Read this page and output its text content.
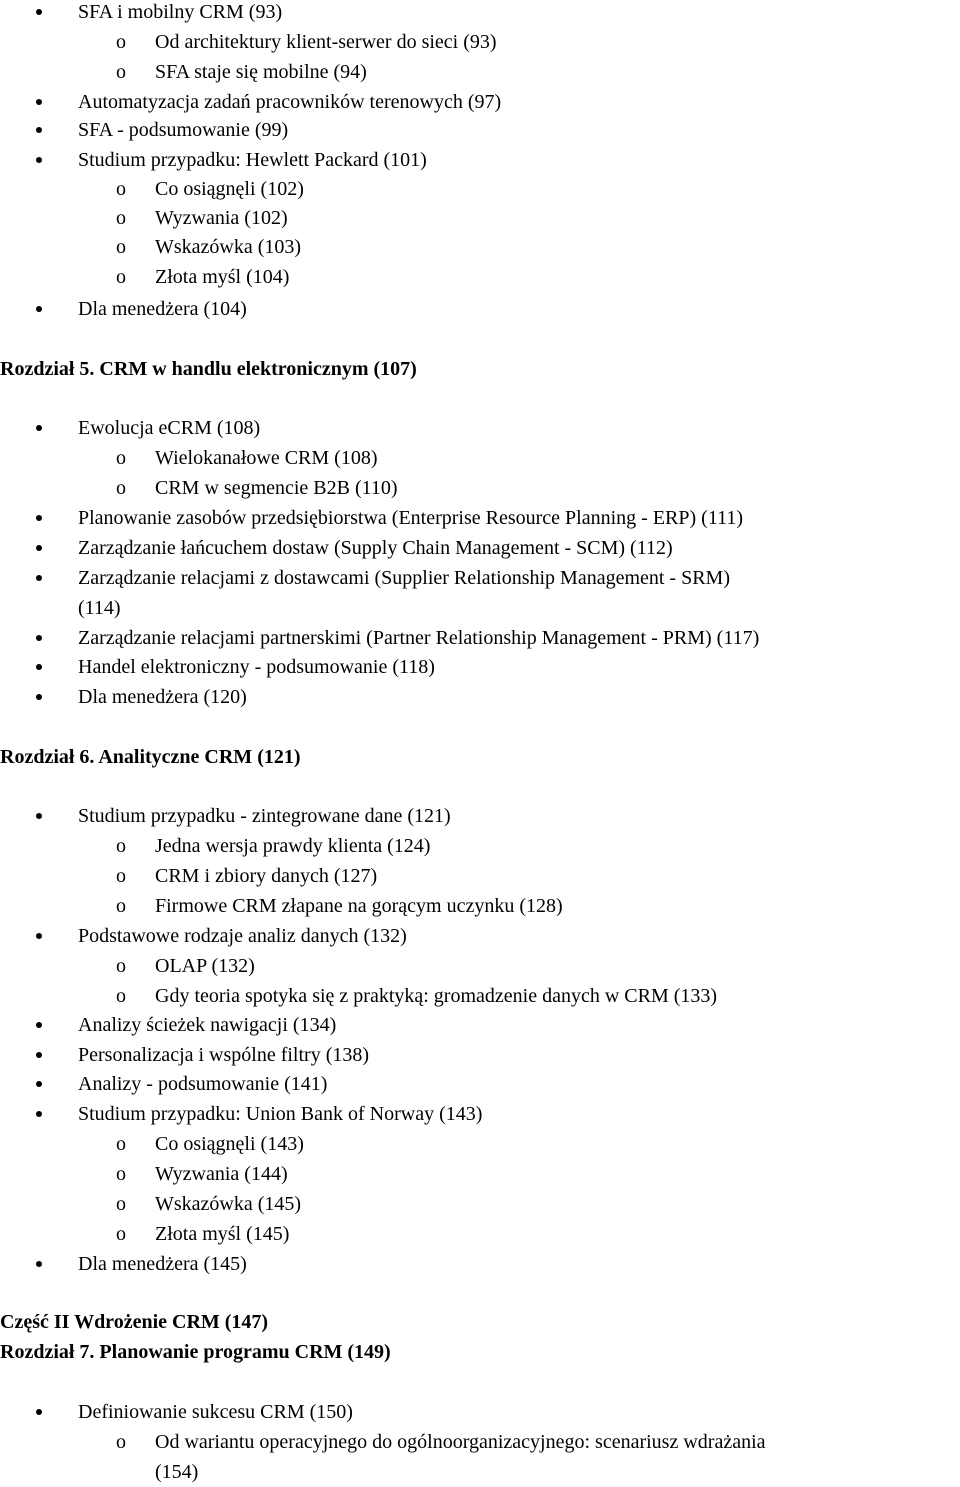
SFA i mobilny CRM (93)
o Od architektury klient-serwer do sieci (93)
o SFA staje się mobilne (94)
Automatyzacja zadań pracowników terenowych (97)
SFA - podsumowanie (99)
Studium przypadku: Hewlett Packard (101)
o Co osiągnęli (102)
o Wyzwania (102)
o Wskazówka (103)
o Złota myśl (104)
Dla menedżera (104)
Rozdział 5. CRM w handlu elektronicznym (107)
Ewolucja eCRM (108)
o Wielokanałowe CRM (108)
o CRM w segmencie B2B (110)
Planowanie zasobów przedsiębiorstwa (Enterprise Resource Planning - ERP) (111)
Zarządzanie łańcuchem dostaw (Supply Chain Management - SCM) (112)
Zarządzanie relacjami z dostawcami (Supplier Relationship Management - SRM)
(114)
Zarządzanie relacjami partnerskimi (Partner Relationship Management - PRM) (117)
Handel elektroniczny - podsumowanie (118)
Dla menedżera (120)
Rozdział 6. Analityczne CRM (121)
Studium przypadku - zintegrowane dane (121)
o Jedna wersja prawdy klienta (124)
o CRM i zbiory danych (127)
o Firmowe CRM złapane na gorącym uczynku (128)
Podstawowe rodzaje analiz danych (132)
o OLAP (132)
o Gdy teoria spotyka się z praktyką: gromadzenie danych w CRM (133)
Analizy ścieżek nawigacji (134)
Personalizacja i wspólne filtry (138)
Analizy - podsumowanie (141)
Studium przypadku: Union Bank of Norway (143)
o Co osiągnęli (143)
o Wyzwania (144)
o Wskazówka (145)
o Złota myśl (145)
Dla menedżera (145)
Część II Wdrożenie CRM (147)
Rozdział 7. Planowanie programu CRM (149)
Definiowanie sukcesu CRM (150)
o Od wariantu operacyjnego do ogólnoorganizacyjnego: scenariusz wdrażania
(154)
